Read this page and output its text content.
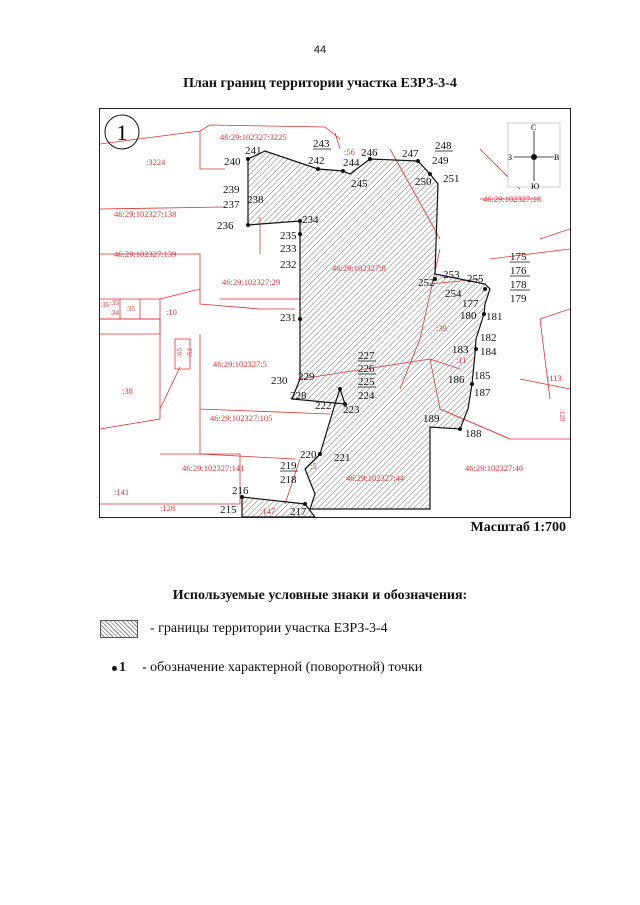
44
План границ территории участка ЕЗРЗ-3-4
1	С
Ю
З	В
:3224
46:29:102327:3225
:56
46:29:102327:138
46:29:102327:139
46:29:102327:29
46:29:102327:8
:35 :33
:34 :35	:10
:65 :52
46:29:102327:5
:38
:39
:11
:113
46:29:102327:105
46:29:102327:141	:5
:141
:128	:147
46:29:102327:44
46:29:102327:46
:129
46:29:102327:18
241
240
243
242 244
246
245
248
247
249
250 251
239
238
237
236	234
235
233
232
231
253
252	255
254
175
176
178
179
177
180 181
182
183 184
185
186
187
227
226
225
224
230 229
228
222 223
189
188
220 221
219
218
216
215	217
Масштаб 1:700
Используемые условные знаки и обозначения:
- границы территории участка ЕЗРЗ-3-4
1 - обозначение характерной (поворотной) точки
